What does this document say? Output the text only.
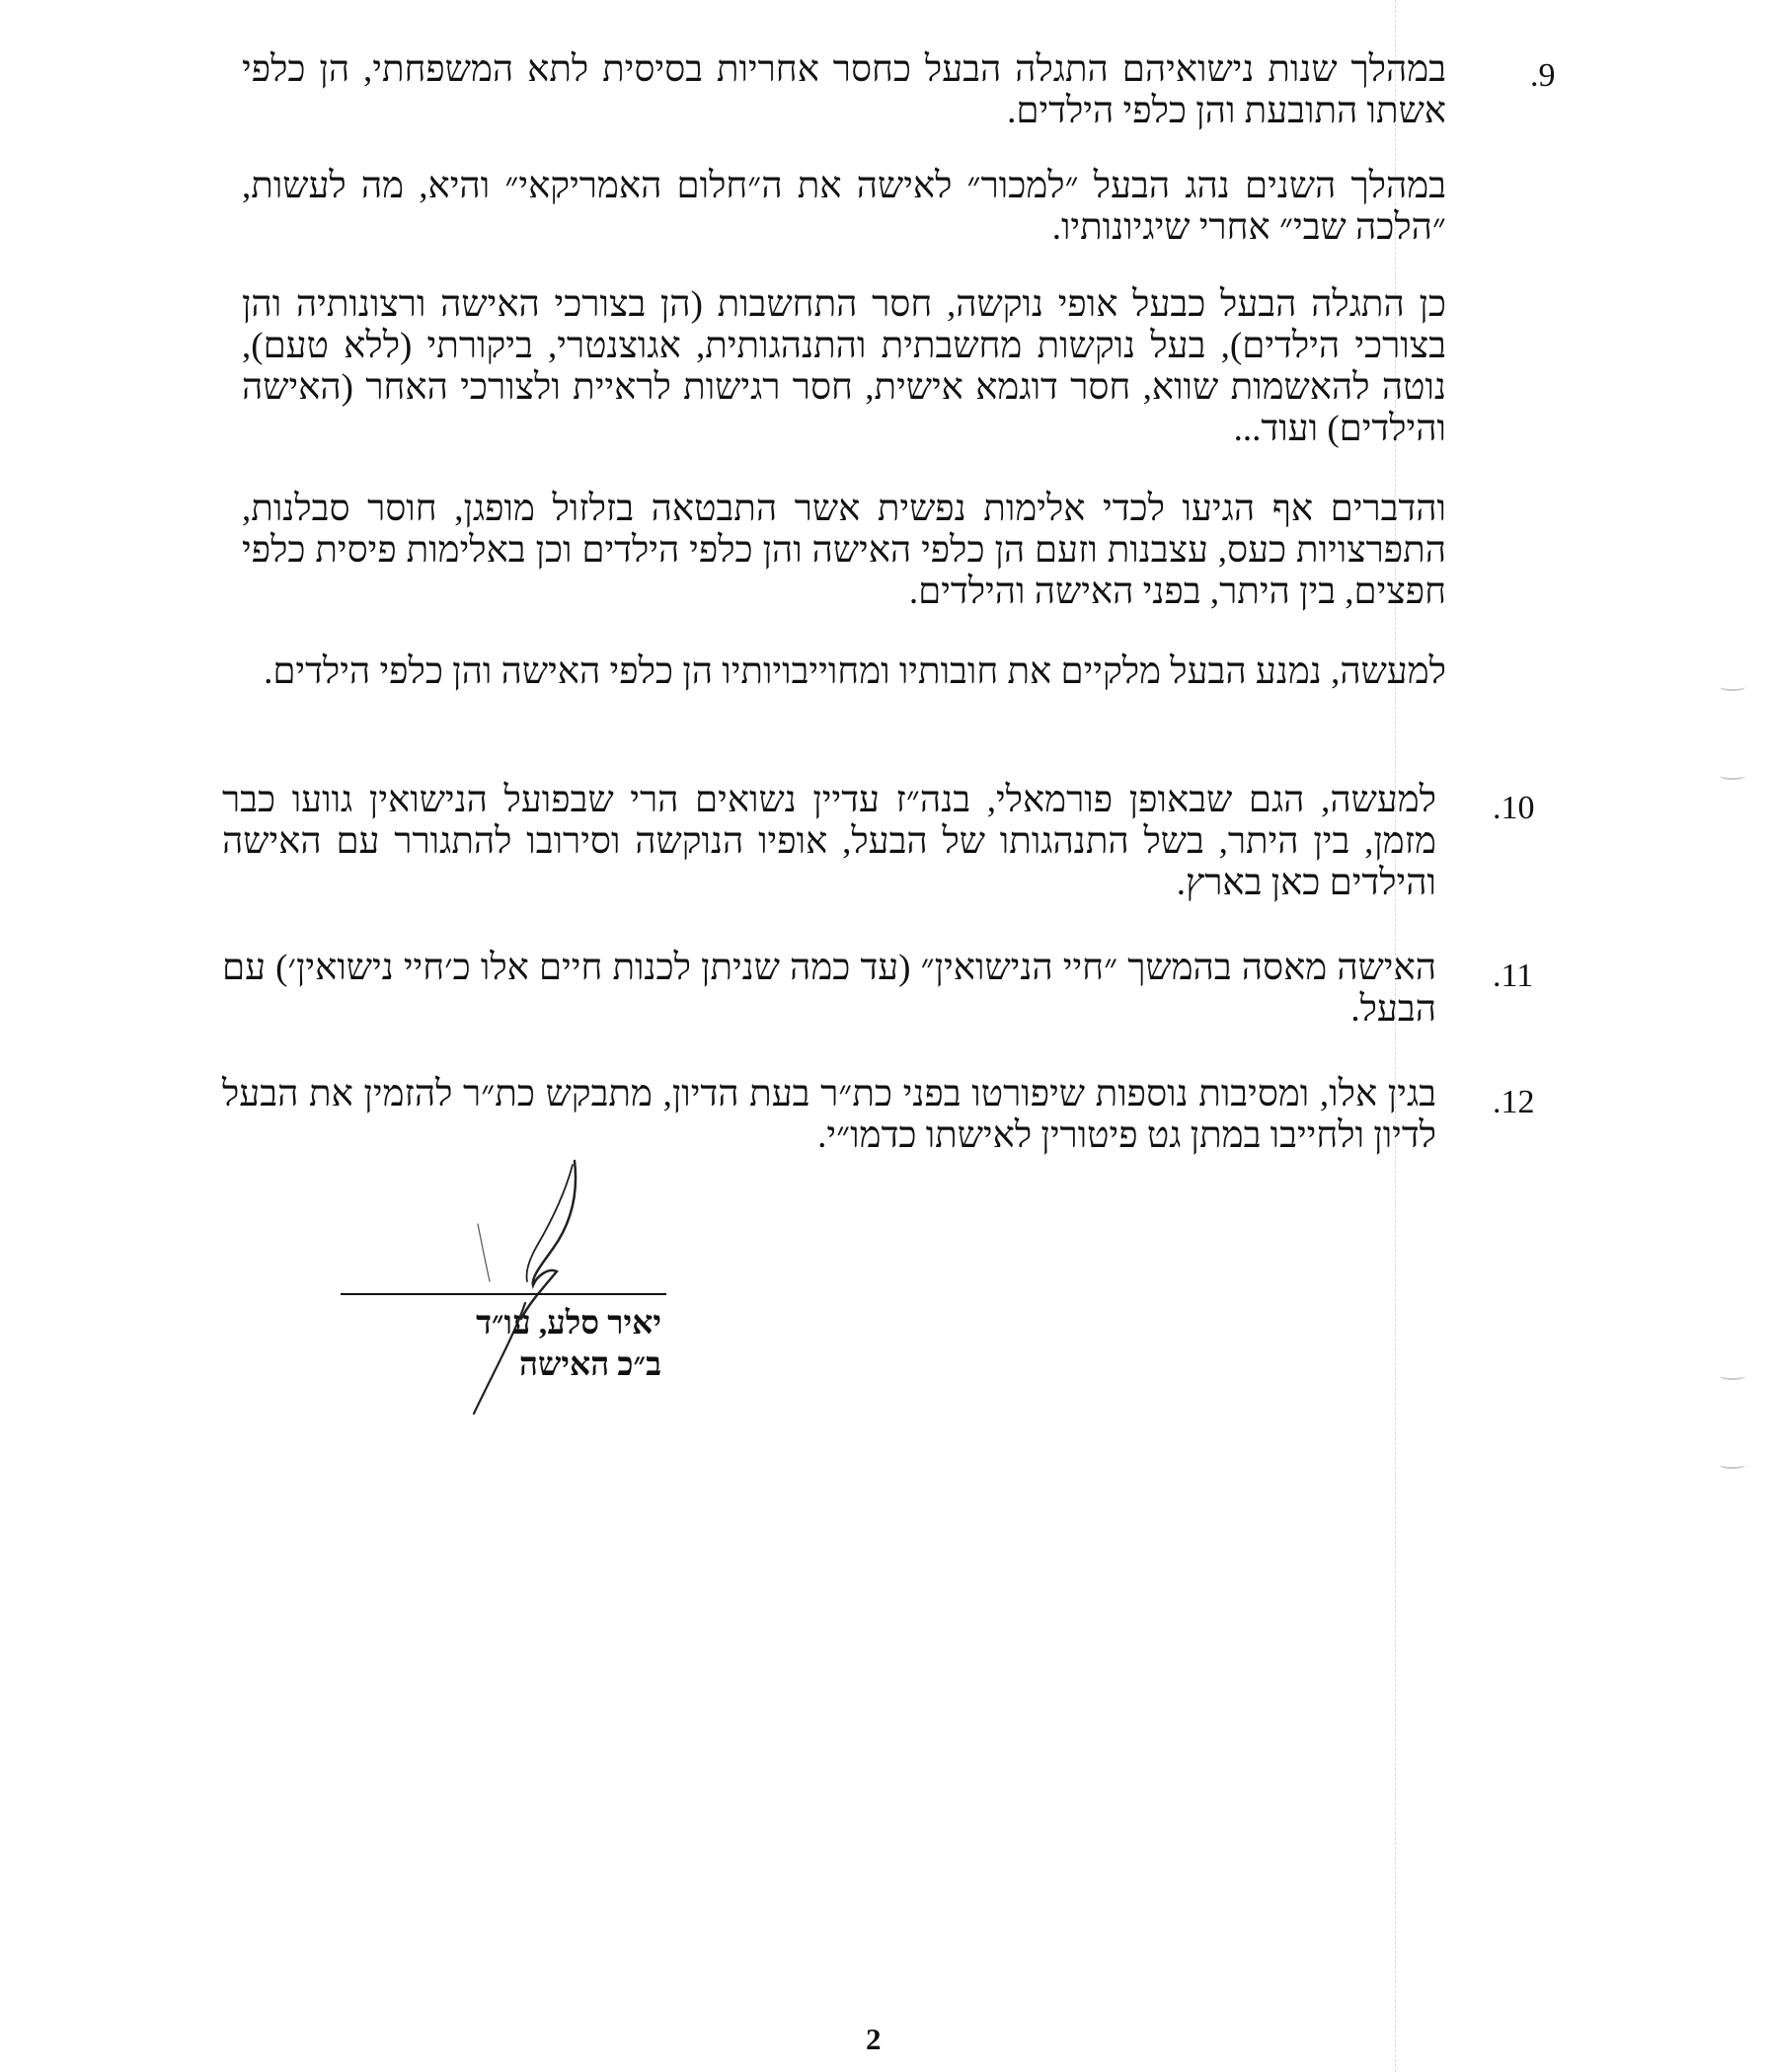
.9

במהלך שנות נישואיהם התגלה הבעל כחסר אחריות בסיסית לתא המשפחתי, הן כלפי אשתו התובעת והן כלפי הילדים.

במהלך השנים נהג הבעל ״למכור״ לאישה את ה״חלום האמריקאי״ והיא, מה לעשות, ״הלכה שבי״ אחרי שיגיונותיו.

כן התגלה הבעל כבעל אופי נוקשה, חסר התחשבות (הן בצורכי האישה ורצונותיה והן בצורכי הילדים), בעל נוקשות מחשבתית והתנהגותית, אגוצנטרי, ביקורתי (ללא טעם), נוטה להאשמות שווא, חסר דוגמא אישית, חסר רגישות לראיית ולצורכי האחר (האישה והילדים) ועוד...

והדברים אף הגיעו לכדי אלימות נפשית אשר התבטאה בזלזול מופגן, חוסר סבלנות, התפרצויות כעס, עצבנות וזעם הן כלפי האישה והן כלפי הילדים וכן באלימות פיסית כלפי חפצים, בין היתר, בפני האישה והילדים.

למעשה, נמנע הבעל מלקיים את חובותיו ומחוייבויותיו הן כלפי האישה והן כלפי הילדים.

.10

למעשה, הגם שבאופן פורמאלי, בנה״ז עדיין נשואים הרי שבפועל הנישואין גוועו כבר מזמן, בין היתר, בשל התנהגותו של הבעל, אופיו הנוקשה וסירובו להתגורר עם האישה והילדים כאן בארץ.

.11

האישה מאסה בהמשך ״חיי הנישואין״ (עד כמה שניתן לכנות חיים אלו כ׳חיי נישואין׳) עם הבעל.

.12

בגין אלו, ומסיבות נוספות שיפורטו בפני כת״ר בעת הדיון, מתבקש כת״ר להזמין את הבעל לדיון ולחייבו במתן גט פיטורין לאישתו כדמו״י.

יאיר סלע, עו״ד
ב״כ האישה
2
